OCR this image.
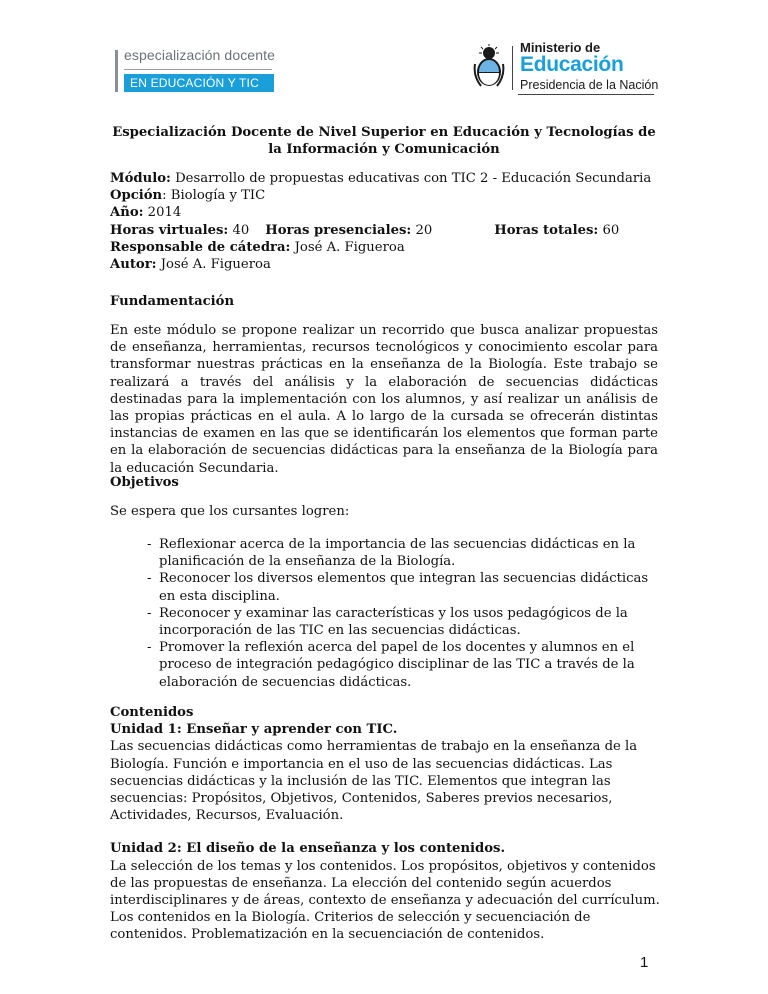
especialización docente
EN EDUCACIÓN Y TIC
Ministerio de
Educación
Presidencia de la Nación
Especialización Docente de Nivel Superior en Educación y Tecnologías de la Información y Comunicación
Módulo: Desarrollo de propuestas educativas con TIC 2 - Educación Secundaria
Opción: Biología y TIC
Año: 2014
Horas virtuales: 40 Horas presenciales: 20	Horas totales: 60
Responsable de cátedra: José A. Figueroa
Autor: José A. Figueroa
Fundamentación
En este módulo se propone realizar un recorrido que busca analizar propuestas de enseñanza, herramientas, recursos tecnológicos y conocimiento escolar para transformar nuestras prácticas en la enseñanza de la Biología. Este trabajo se realizará a través del análisis y la elaboración de secuencias didácticas destinadas para la implementación con los alumnos, y así realizar un análisis de las propias prácticas en el aula. A lo largo de la cursada se ofrecerán distintas instancias de examen en las que se identificarán los elementos que forman parte en la elaboración de secuencias didácticas para la enseñanza de la Biología para la educación Secundaria.
Objetivos
Se espera que los cursantes logren:
- Reflexionar acerca de la importancia de las secuencias didácticas en la planificación de la enseñanza de la Biología.
- Reconocer los diversos elementos que integran las secuencias didácticas en esta disciplina.
- Reconocer y examinar las características y los usos pedagógicos de la incorporación de las TIC en las secuencias didácticas.
- Promover la reflexión acerca del papel de los docentes y alumnos en el proceso de integración pedagógico disciplinar de las TIC a través de la elaboración de secuencias didácticas.
Contenidos
Unidad 1: Enseñar y aprender con TIC.
Las secuencias didácticas como herramientas de trabajo en la enseñanza de la Biología. Función e importancia en el uso de las secuencias didácticas. Las secuencias didácticas y la inclusión de las TIC. Elementos que integran las secuencias: Propósitos, Objetivos, Contenidos, Saberes previos necesarios, Actividades, Recursos, Evaluación.
Unidad 2: El diseño de la enseñanza y los contenidos.
La selección de los temas y los contenidos. Los propósitos, objetivos y contenidos de las propuestas de enseñanza. La elección del contenido según acuerdos interdisciplinares y de áreas, contexto de enseñanza y adecuación del currículum. Los contenidos en la Biología. Criterios de selección y secuenciación de contenidos. Problematización en la secuenciación de contenidos.
1
